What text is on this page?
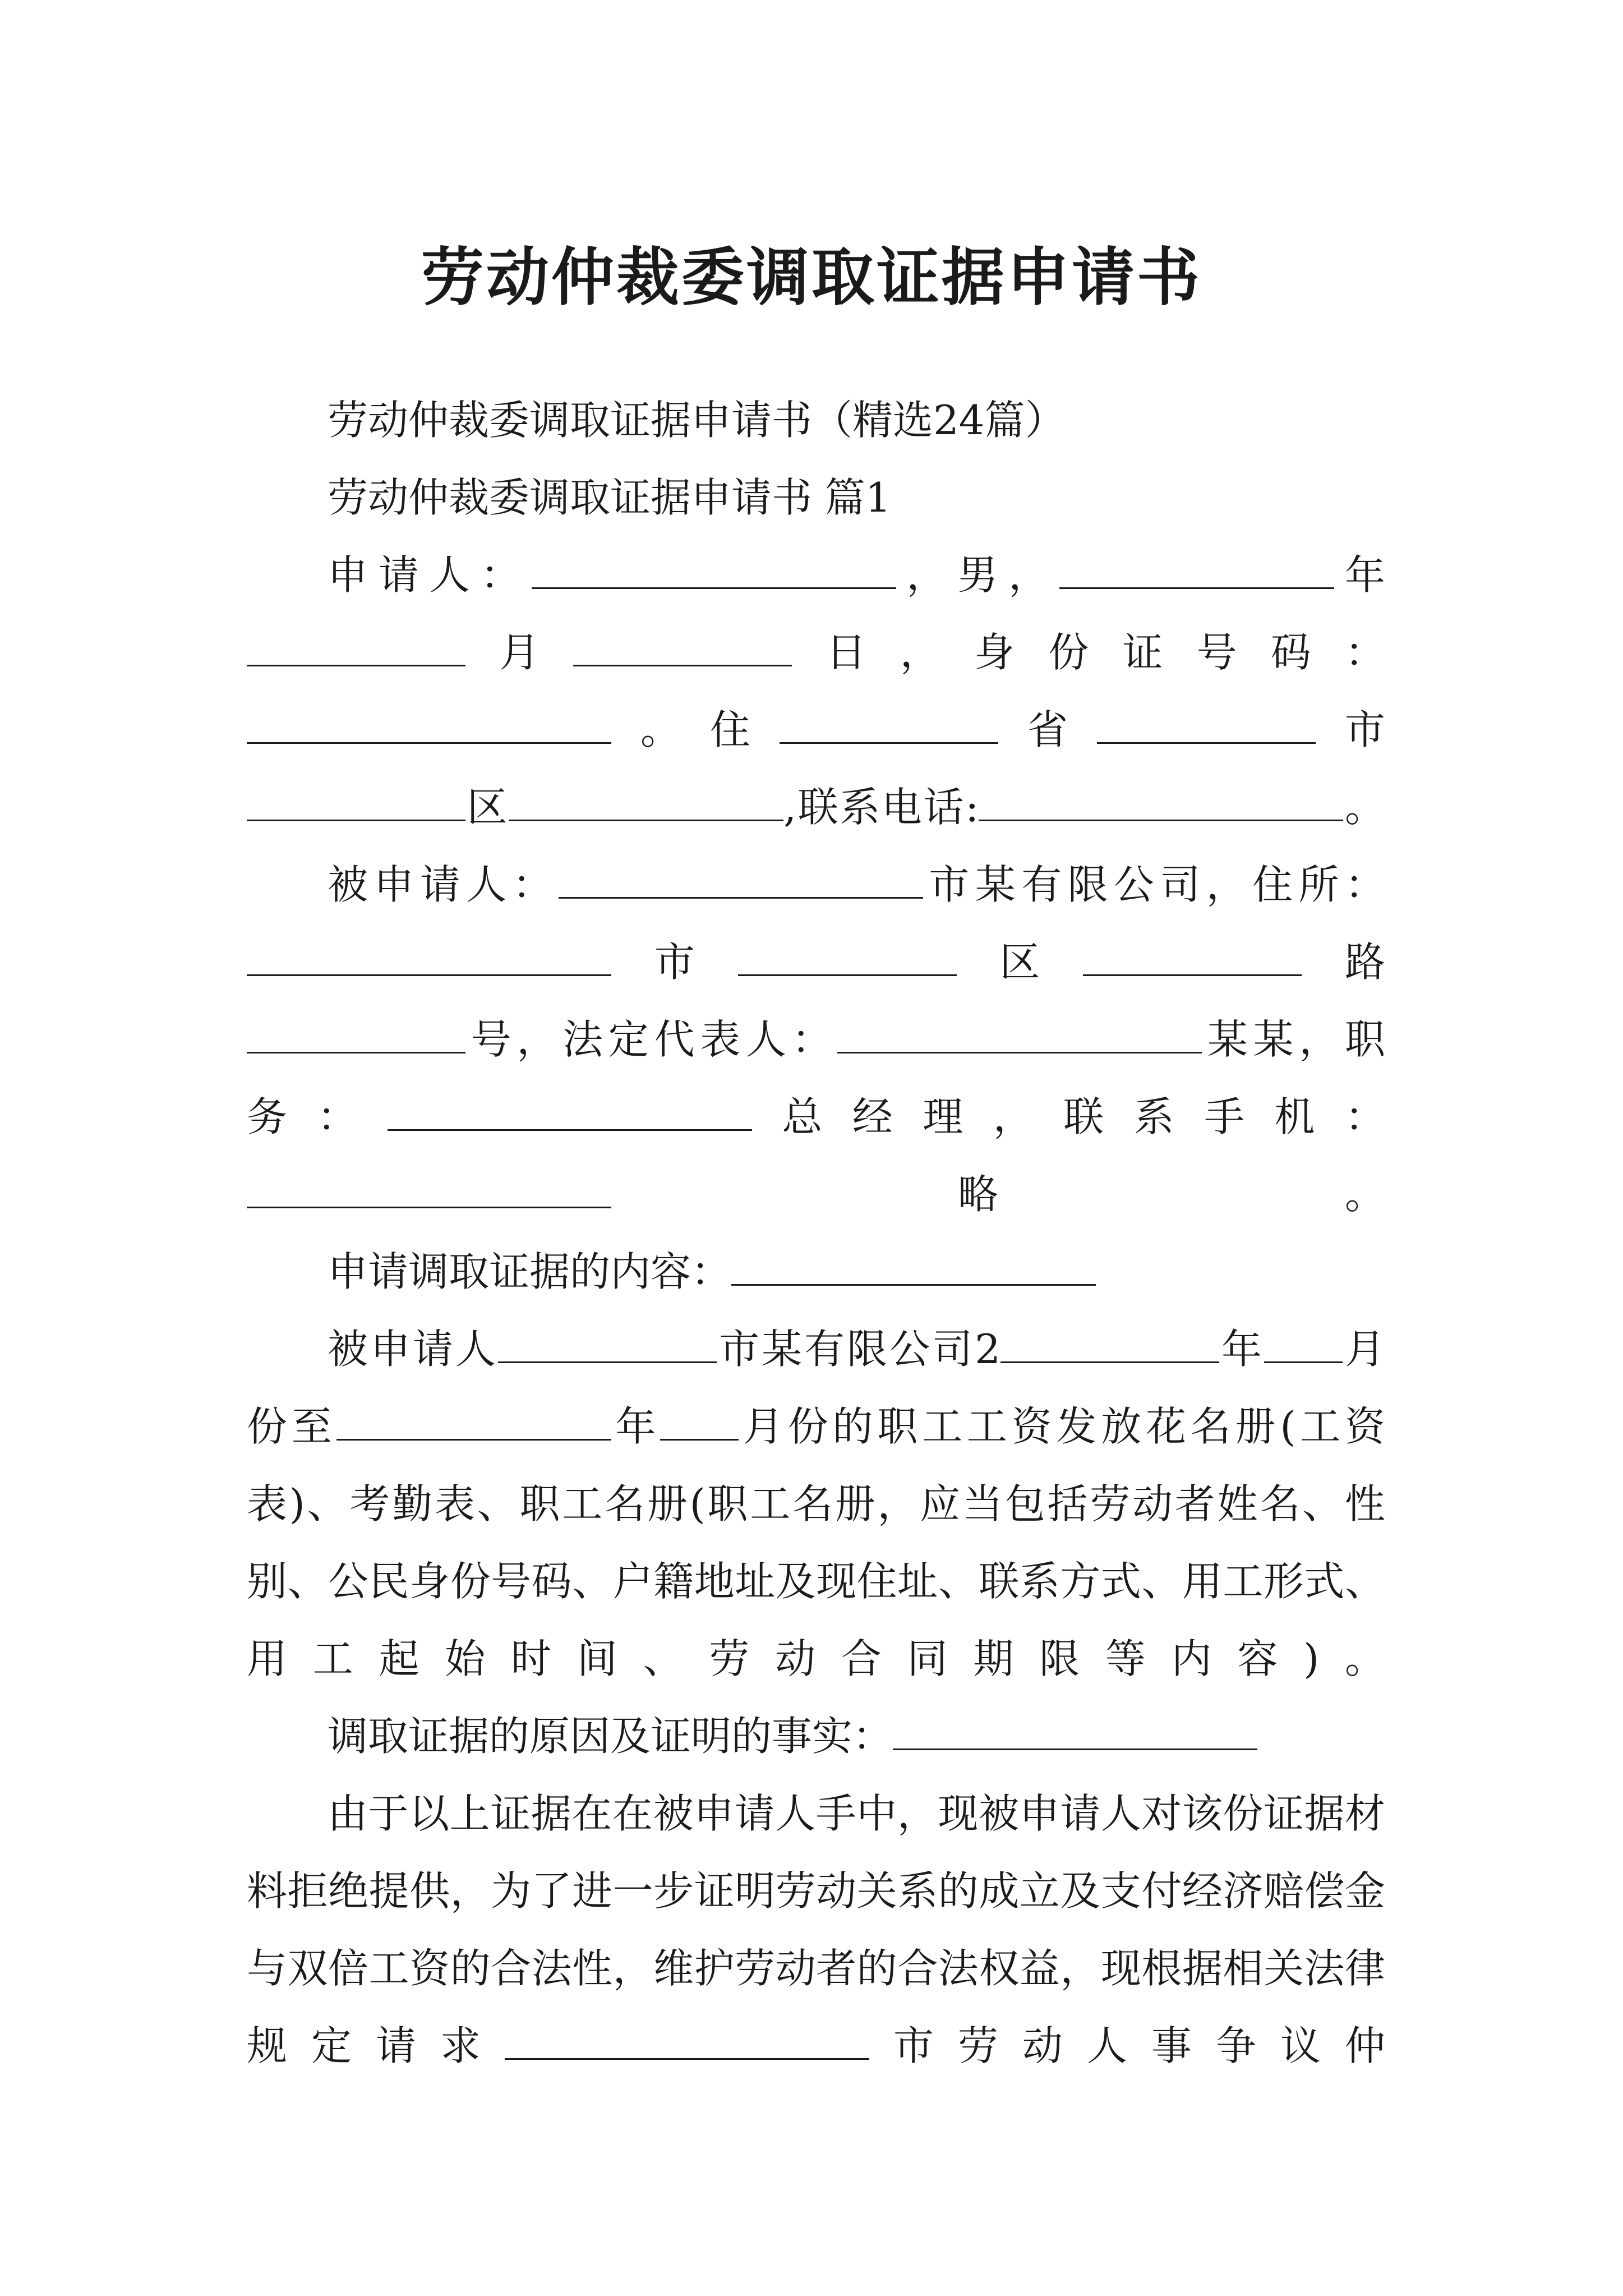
劳动仲裁委调取证据申请书

劳动仲裁委调取证据申请书（精选24篇）

劳动仲裁委调取证据申请书 篇1

申请人：	，男，	年月	日，身份证号码：。住	省	市区	,联系电话:	。

被申请人：	市某有限公司，住所：市	区	路号，法定代表人：	某某，职务：	总经理，联系手机：略。

申请调取证据的内容：

被申请人	市某有限公司2	年 月份至	年 月份的职工工资发放花名册(工资表)、考勤表、职工名册(职工名册，应当包括劳动者姓名、性别、公民身份号码、户籍地址及现住址、联系方式、用工形式、用工起始时间、劳动合同期限等内容)。

调取证据的原因及证明的事实：

由于以上证据在在被申请人手中，现被申请人对该份证据材料拒绝提供，为了进一步证明劳动关系的成立及支付经济赔偿金与双倍工资的合法性，维护劳动者的合法权益，现根据相关法律规定请求	市劳动人事争议仲
